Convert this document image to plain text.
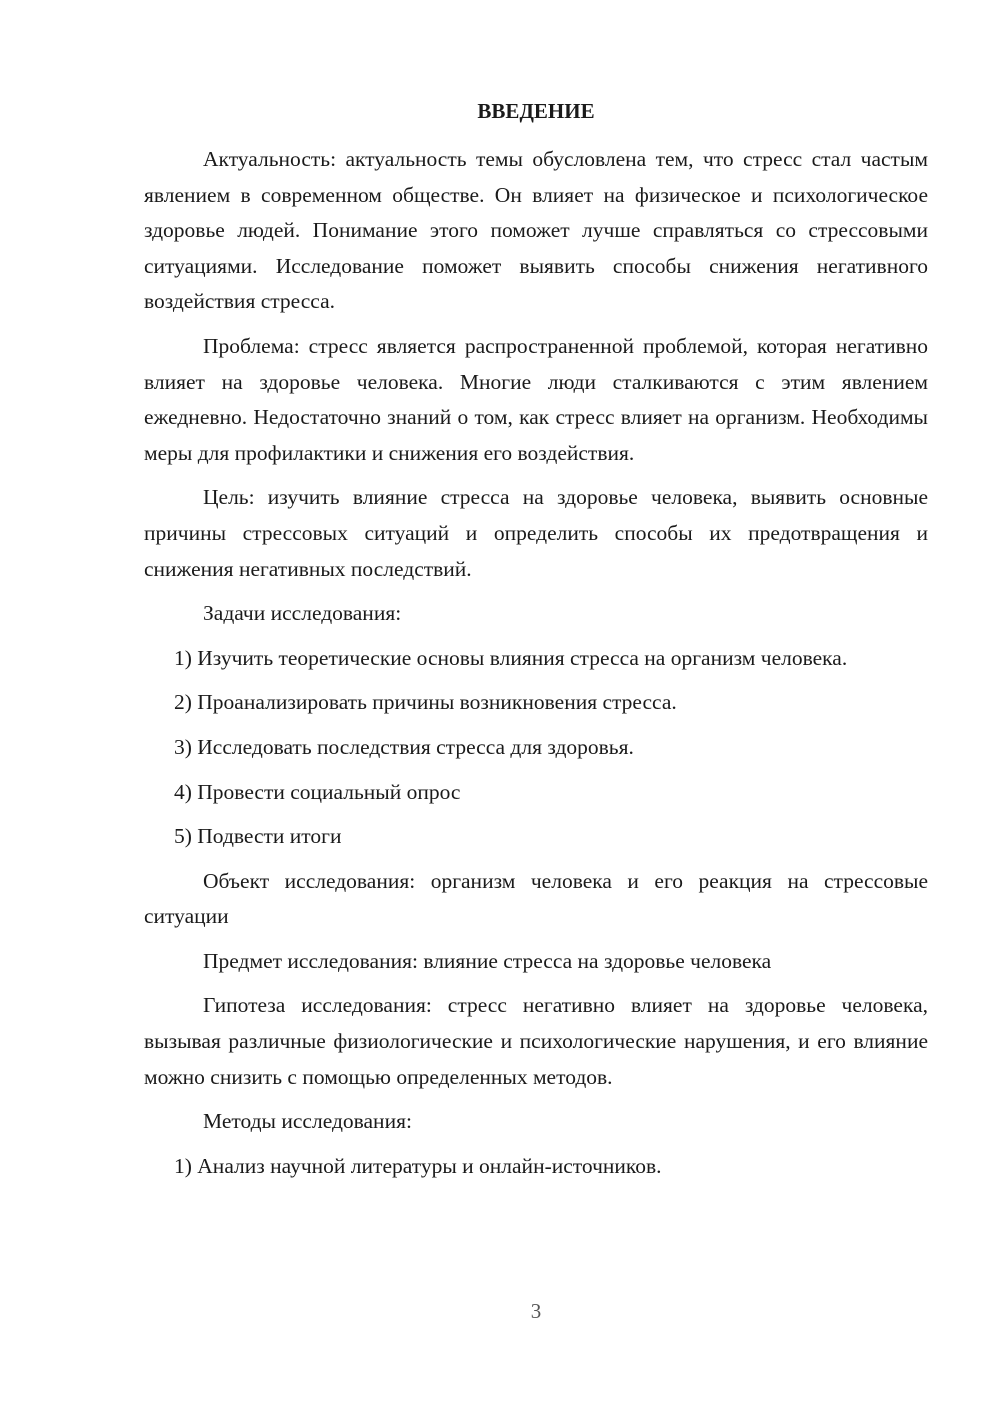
ВВЕДЕНИЕ

Актуальность: актуальность темы обусловлена тем, что стресс стал частым явлением в современном обществе. Он влияет на физическое и психологическое здоровье людей. Понимание этого поможет лучше справляться со стрессовыми ситуациями. Исследование поможет выявить способы снижения негативного воздействия стресса.

Проблема: стресс является распространенной проблемой, которая негативно влияет на здоровье человека. Многие люди сталкиваются с этим явлением ежедневно. Недостаточно знаний о том, как стресс влияет на организм. Необходимы меры для профилактики и снижения его воздействия.

Цель: изучить влияние стресса на здоровье человека, выявить основные причины стрессовых ситуаций и определить способы их предотвращения и снижения негативных последствий.

Задачи исследования:

1) Изучить теоретические основы влияния стресса на организм человека.

2) Проанализировать причины возникновения стресса.

3) Исследовать последствия стресса для здоровья.

4) Провести социальный опрос

5) Подвести итоги

Объект исследования: организм человека и его реакция на стрессовые ситуации

Предмет исследования: влияние стресса на здоровье человека

Гипотеза исследования: стресс негативно влияет на здоровье человека, вызывая различные физиологические и психологические нарушения, и его влияние можно снизить с помощью определенных методов.

Методы исследования:

1) Анализ научной литературы и онлайн-источников.

3
